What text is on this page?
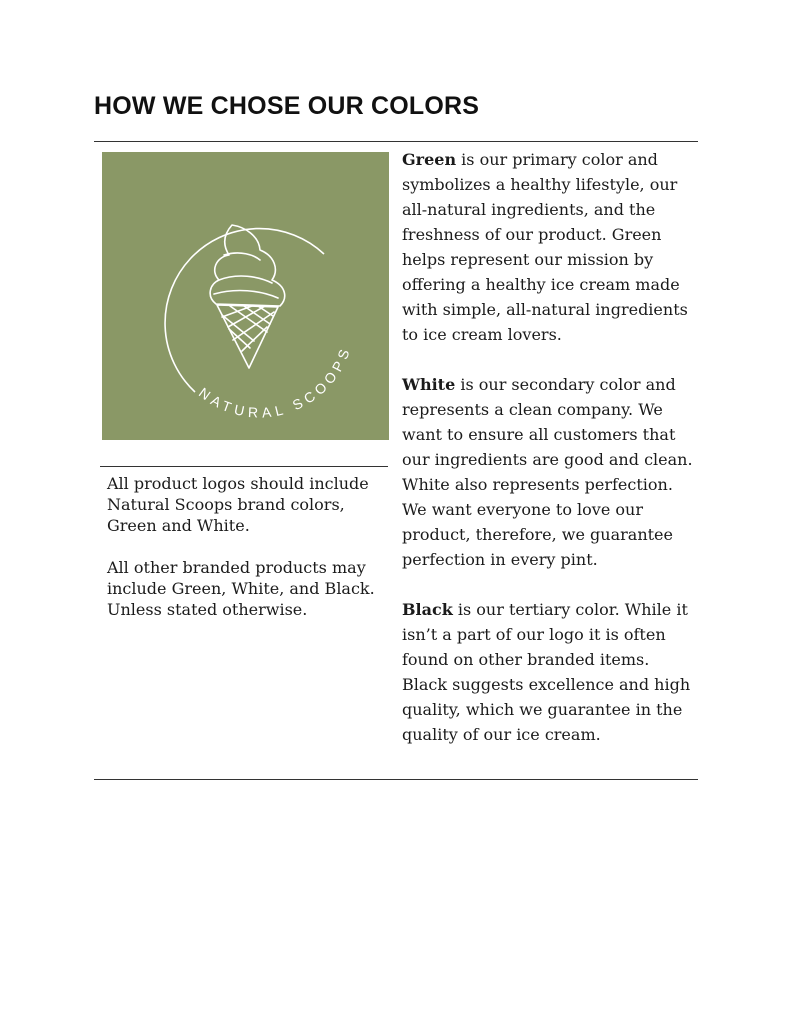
HOW WE CHOSE OUR COLORS
NATURAL SCOOPS

All product logos should include Natural Scoops brand colors, Green and White.

All other branded products may include Green, White, and Black. Unless stated otherwise.

Green is our primary color and symbolizes a healthy lifestyle, our all-natural ingredients, and the freshness of our product. Green helps represent our mission by offering a healthy ice cream made with simple, all-natural ingredients to ice cream lovers.

White is our secondary color and represents a clean company. We want to ensure all customers that our ingredients are good and clean. White also represents perfection. We want everyone to love our product, therefore, we guarantee perfection in every pint.

Black is our tertiary color. While it isn’t a part of our logo it is often found on other branded items. Black suggests excellence and high quality, which we guarantee in the quality of our ice cream.
